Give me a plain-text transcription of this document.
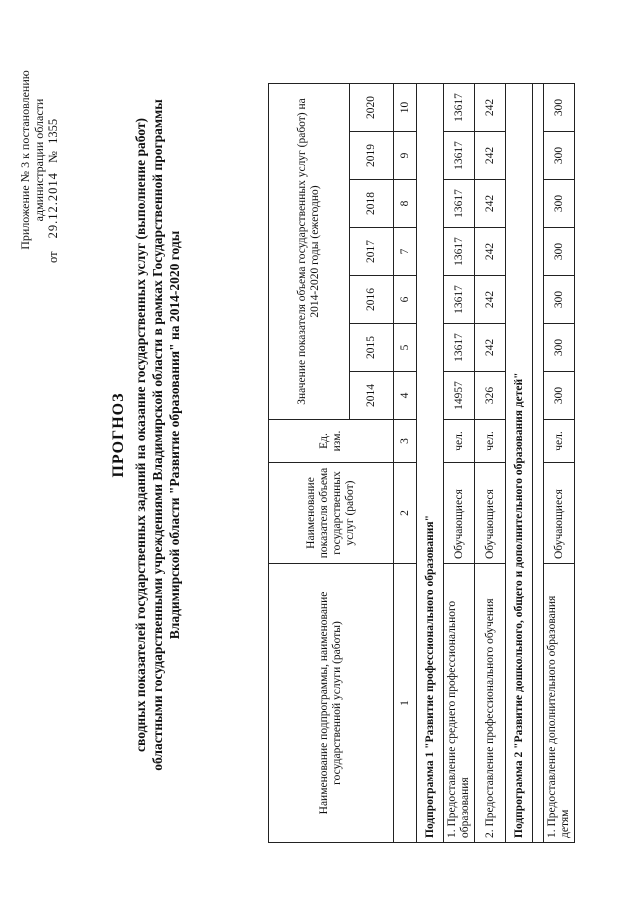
Приложение № 3 к постановлению администрации области
от 29.12.2014 № 1355
ПРОГНОЗ сводных показателей государственных заданий на оказание государственных услуг (выполнение работ) областными государственными учреждениями Владимирской области в рамках Государственной программы Владимирской области "Развитие образования" на 2014-2020 годы
Наименование подпрограммы, наименование государственной услуги (работы)	Наименование показателя объема государственных услуг (работ)	Ед. изм.	Значение показателя объема государственных услуг (работ) на 2014-2020 годы (ежегодно)						
			2014	2015	2016	2017	2018	2019	2020
1	2	3	4	5	6	7	8	9	10
Подпрограмма 1 "Развитие профессионального образования"									
1. Предоставление среднего профессионального образования	Обучающиеся	чел.	14957	13617	13617	13617	13617	13617	13617
2. Предоставление профессионального обучения	Обучающиеся	чел.	326	242	242	242	242	242	242
Подпрограмма 2 "Развитие дошкольного, общего и дополнительного образования детей"									

1. Предоставление дополнительного образования детям	Обучающиеся	чел.	300	300	300	300	300	300	300
